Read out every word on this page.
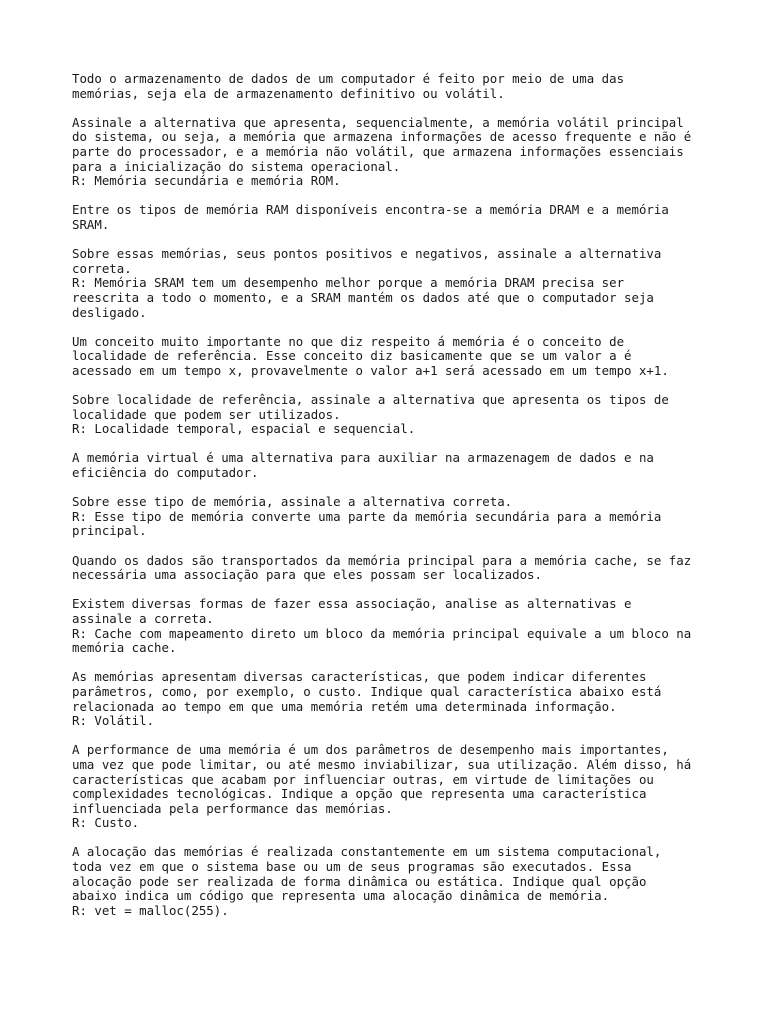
Todo o armazenamento de dados de um computador é feito por meio de uma das
memórias, seja ela de armazenamento definitivo ou volátil.

Assinale a alternativa que apresenta, sequencialmente, a memória volátil principal
do sistema, ou seja, a memória que armazena informações de acesso frequente e não é
parte do processador, e a memória não volátil, que armazena informações essenciais
para a inicialização do sistema operacional.
R: Memória secundária e memória ROM.

Entre os tipos de memória RAM disponíveis encontra-se a memória DRAM e a memória
SRAM.

Sobre essas memórias, seus pontos positivos e negativos, assinale a alternativa
correta.
R: Memória SRAM tem um desempenho melhor porque a memória DRAM precisa ser
reescrita a todo o momento, e a SRAM mantém os dados até que o computador seja
desligado.

Um conceito muito importante no que diz respeito á memória é o conceito de
localidade de referência. Esse conceito diz basicamente que se um valor a é
acessado em um tempo x, provavelmente o valor a+1 será acessado em um tempo x+1.

Sobre localidade de referência, assinale a alternativa que apresenta os tipos de
localidade que podem ser utilizados.
R: Localidade temporal, espacial e sequencial.

A memória virtual é uma alternativa para auxiliar na armazenagem de dados e na
eficiência do computador.

Sobre esse tipo de memória, assinale a alternativa correta.
R: Esse tipo de memória converte uma parte da memória secundária para a memória
principal.

Quando os dados são transportados da memória principal para a memória cache, se faz
necessária uma associação para que eles possam ser localizados.

Existem diversas formas de fazer essa associação, analise as alternativas e
assinale a correta.
R: Cache com mapeamento direto um bloco da memória principal equivale a um bloco na
memória cache.

As memórias apresentam diversas características, que podem indicar diferentes
parâmetros, como, por exemplo, o custo. Indique qual característica abaixo está
relacionada ao tempo em que uma memória retém uma determinada informação.
R: Volátil.

A performance de uma memória é um dos parâmetros de desempenho mais importantes,
uma vez que pode limitar, ou até mesmo inviabilizar, sua utilização. Além disso, há
características que acabam por influenciar outras, em virtude de limitações ou
complexidades tecnológicas. Indique a opção que representa uma característica
influenciada pela performance das memórias.
R: Custo.

A alocação das memórias é realizada constantemente em um sistema computacional,
toda vez em que o sistema base ou um de seus programas são executados. Essa
alocação pode ser realizada de forma dinâmica ou estática. Indique qual opção
abaixo indica um código que representa uma alocação dinâmica de memória.
R: vet = malloc(255).
